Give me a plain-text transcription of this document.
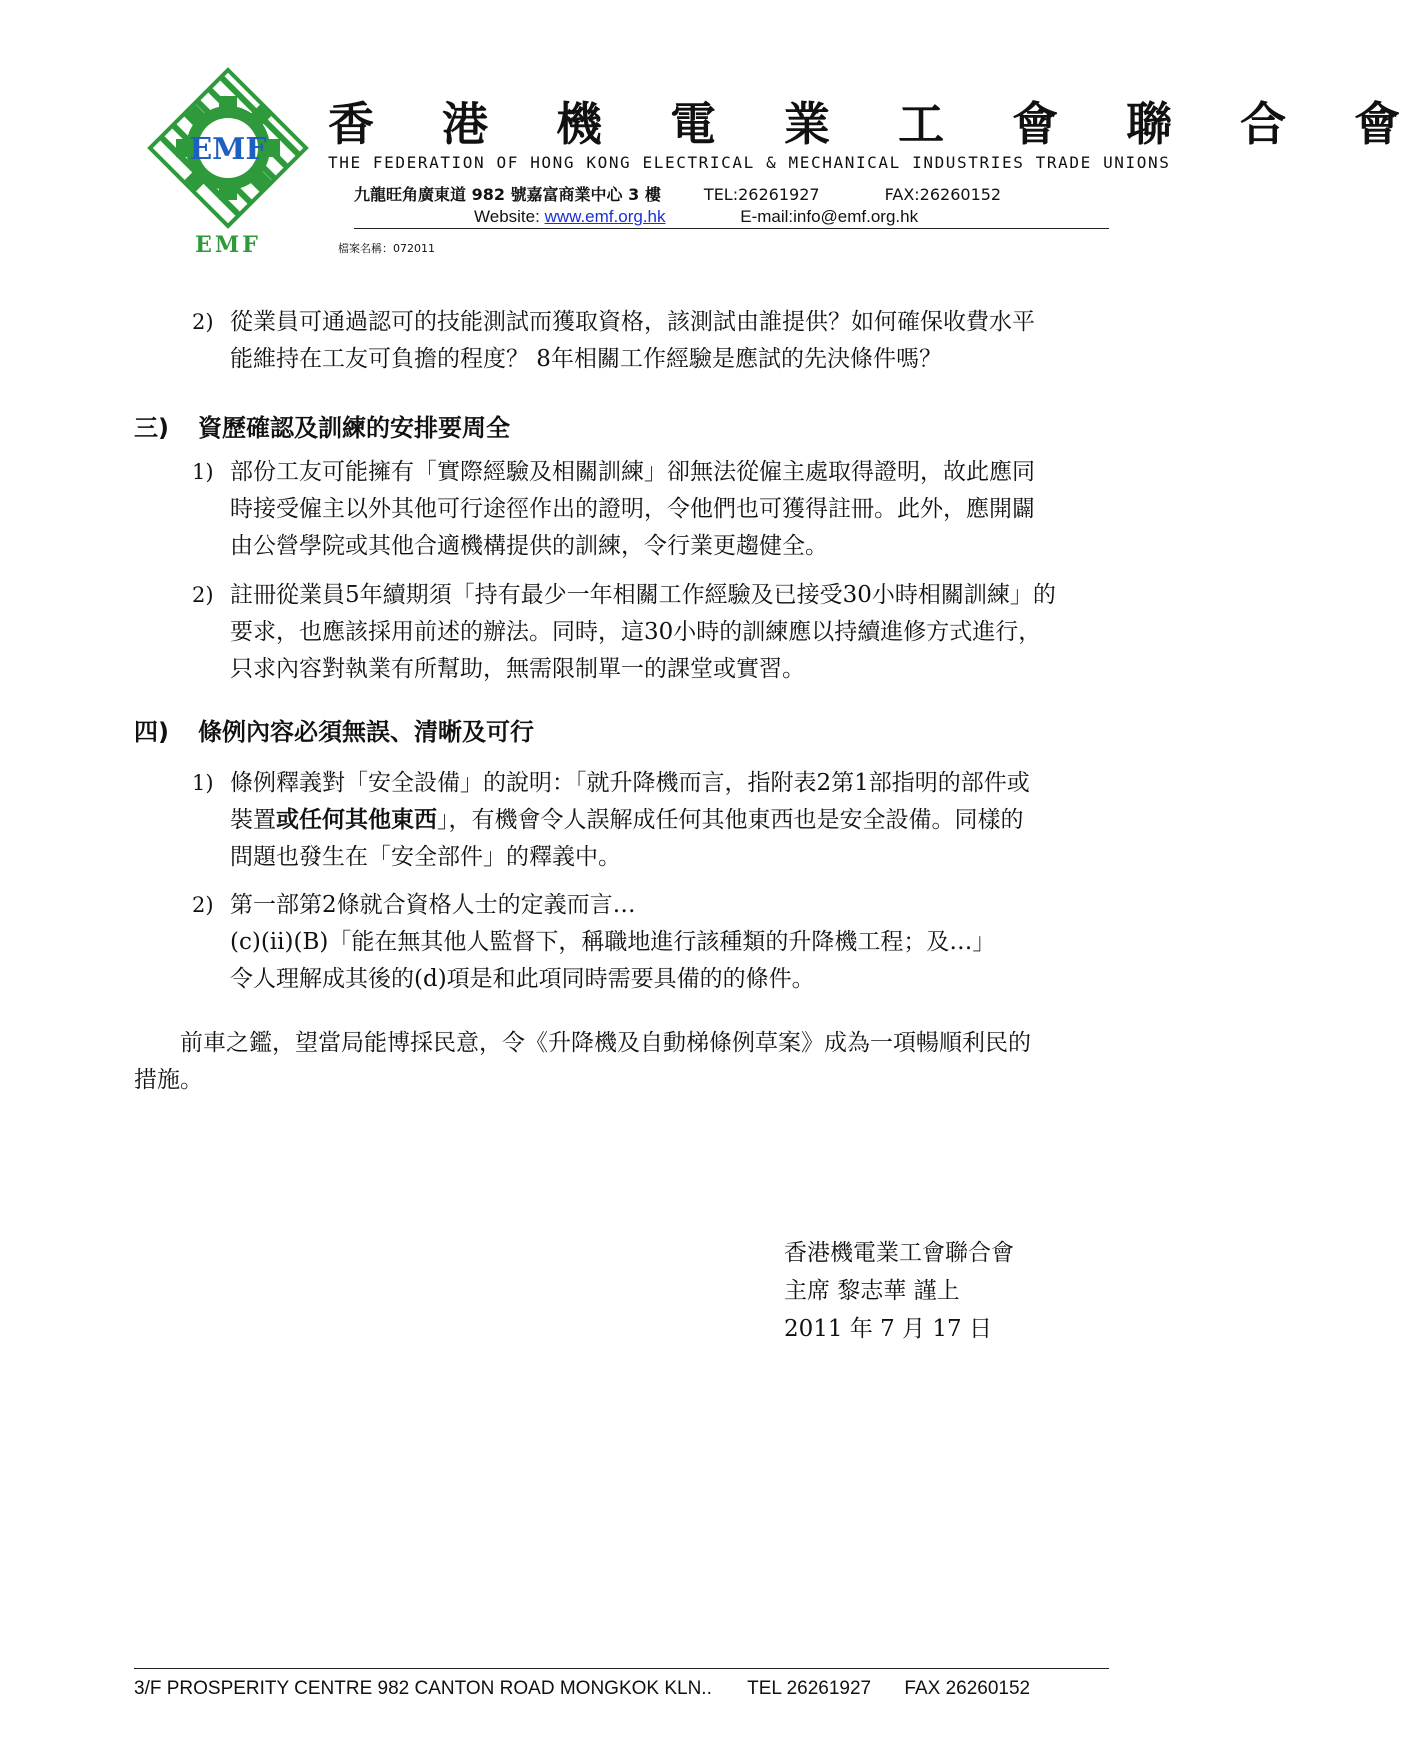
EMF
EMF
香 港 機 電 業 工 會 聯 合 會
THE FEDERATION OF HONG KONG ELECTRICAL & MECHANICAL INDUSTRIES TRADE UNIONS
九龍旺角廣東道 982 號嘉富商業中心 3 樓	TEL:26261927	FAX:26260152
Website: www.emf.org.hk	E-mail:info@emf.org.hk
檔案名稱：072011
2) 從業員可通過認可的技能測試而獲取資格，該測試由誰提供？如何確保收費水平
能維持在工友可負擔的程度？ 8年相關工作經驗是應試的先決條件嗎？
三) 資歷確認及訓練的安排要周全
1) 部份工友可能擁有「實際經驗及相關訓練」卻無法從僱主處取得證明，故此應同
時接受僱主以外其他可行途徑作出的證明，令他們也可獲得註冊。此外，應開闢
由公營學院或其他合適機構提供的訓練，令行業更趨健全。
2) 註冊從業員5年續期須「持有最少一年相關工作經驗及已接受30小時相關訓練」的
要求，也應該採用前述的辦法。同時，這30小時的訓練應以持續進修方式進行，
只求內容對執業有所幫助，無需限制單一的課堂或實習。
四) 條例內容必須無誤、清晰及可行
1) 條例釋義對「安全設備」的說明：「就升降機而言，指附表2第1部指明的部件或
裝置或任何其他東西」，有機會令人誤解成任何其他東西也是安全設備。同樣的
問題也發生在「安全部件」的釋義中。
2) 第一部第2條就合資格人士的定義而言…
(c)(ii)(B)「能在無其他人監督下，稱職地進行該種類的升降機工程；及…」
令人理解成其後的(d)項是和此項同時需要具備的的條件。
前車之鑑，望當局能博採民意，令《升降機及自動梯條例草案》成為一項暢順利民的
措施。
香港機電業工會聯合會
主席 黎志華 謹上
2011 年 7 月 17 日
3/F PROSPERITY CENTRE 982 CANTON ROAD MONGKOK KLN.. TEL 26261927 FAX 26260152
